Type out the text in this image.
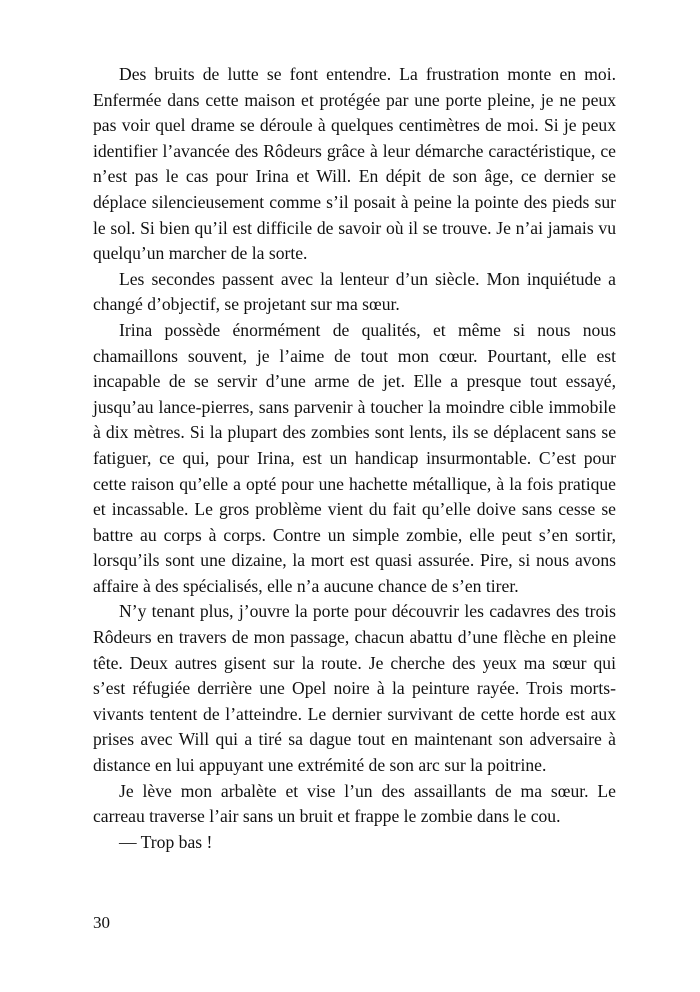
Des bruits de lutte se font entendre. La frustration monte en moi. Enfermée dans cette maison et protégée par une porte pleine, je ne peux pas voir quel drame se déroule à quelques centimètres de moi. Si je peux identifier l’avancée des Rôdeurs grâce à leur démarche caractéristique, ce n’est pas le cas pour Irina et Will. En dépit de son âge, ce dernier se déplace silencieusement comme s’il posait à peine la pointe des pieds sur le sol. Si bien qu’il est difficile de savoir où il se trouve. Je n’ai jamais vu quelqu’un marcher de la sorte.

Les secondes passent avec la lenteur d’un siècle. Mon inquiétude a changé d’objectif, se projetant sur ma sœur.

Irina possède énormément de qualités, et même si nous nous chamaillons souvent, je l’aime de tout mon cœur. Pourtant, elle est incapable de se servir d’une arme de jet. Elle a presque tout essayé, jusqu’au lance-pierres, sans parvenir à toucher la moindre cible immobile à dix mètres. Si la plupart des zombies sont lents, ils se déplacent sans se fatiguer, ce qui, pour Irina, est un handicap insurmontable. C’est pour cette raison qu’elle a opté pour une hachette métallique, à la fois pratique et incassable. Le gros problème vient du fait qu’elle doive sans cesse se battre au corps à corps. Contre un simple zombie, elle peut s’en sortir, lorsqu’ils sont une dizaine, la mort est quasi assurée. Pire, si nous avons affaire à des spécialisés, elle n’a aucune chance de s’en tirer.

N’y tenant plus, j’ouvre la porte pour découvrir les cadavres des trois Rôdeurs en travers de mon passage, chacun abattu d’une flèche en pleine tête. Deux autres gisent sur la route. Je cherche des yeux ma sœur qui s’est réfugiée derrière une Opel noire à la peinture rayée. Trois morts-vivants tentent de l’atteindre. Le dernier survivant de cette horde est aux prises avec Will qui a tiré sa dague tout en maintenant son adversaire à distance en lui appuyant une extrémité de son arc sur la poitrine.

Je lève mon arbalète et vise l’un des assaillants de ma sœur. Le carreau traverse l’air sans un bruit et frappe le zombie dans le cou.

— Trop bas !

30
